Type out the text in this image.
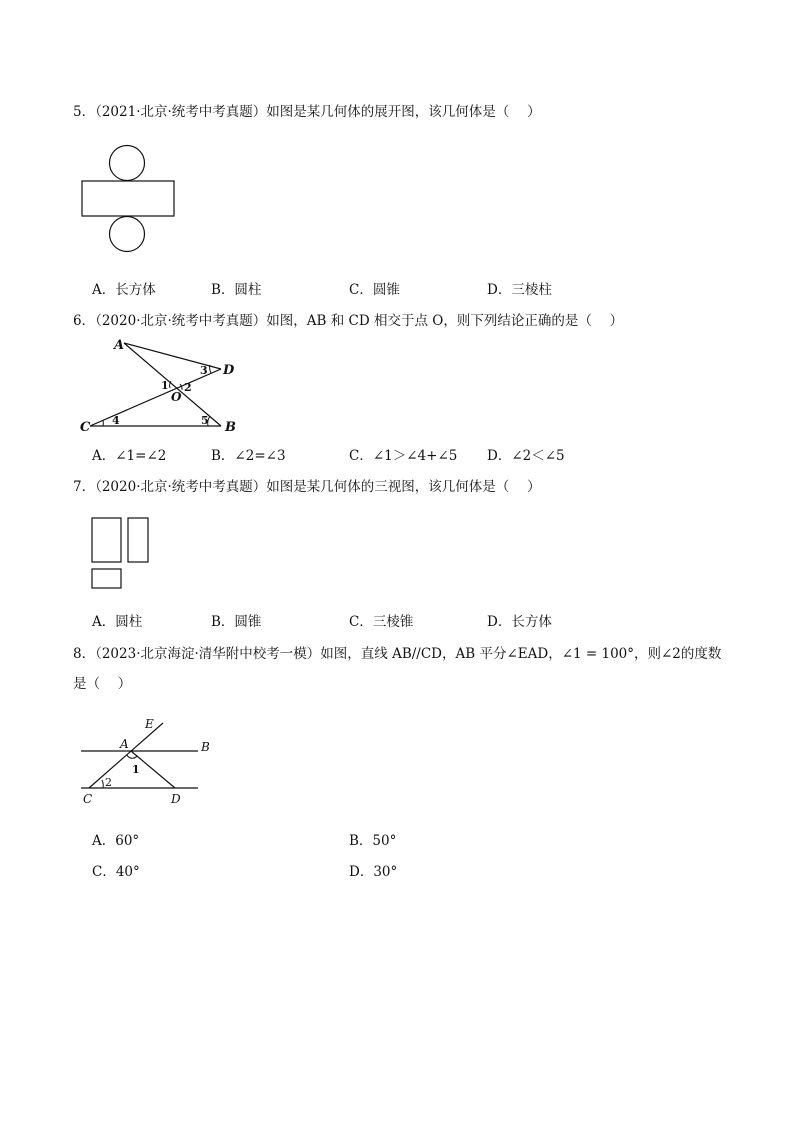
5．（2021·北京·统考中考真题）如图是某几何体的展开图，该几何体是（　 ）
A．长方体	B．圆柱	C．圆锥	D．三棱柱
6．（2020·北京·统考中考真题）如图，AB 和 CD 相交于点 O，则下列结论正确的是（　 ）
A
D
C	B
O
1 2
3
4	5
A．∠1=∠2	B．∠2=∠3	C．∠1＞∠4+∠5 D．∠2＜∠5
7．（2020·北京·统考中考真题）如图是某几何体的三视图，该几何体是（　 ）
A．圆柱	B．圆锥	C．三棱锥	D．长方体
8．（2023·北京海淀·清华附中校考一模）如图，直线 AB//CD，AB 平分∠EAD，∠1 = 100°，则∠2的度数
是（　 ）
E
A	B
C	D
1
2
A．60°	B．50°
C．40°	D．30°
